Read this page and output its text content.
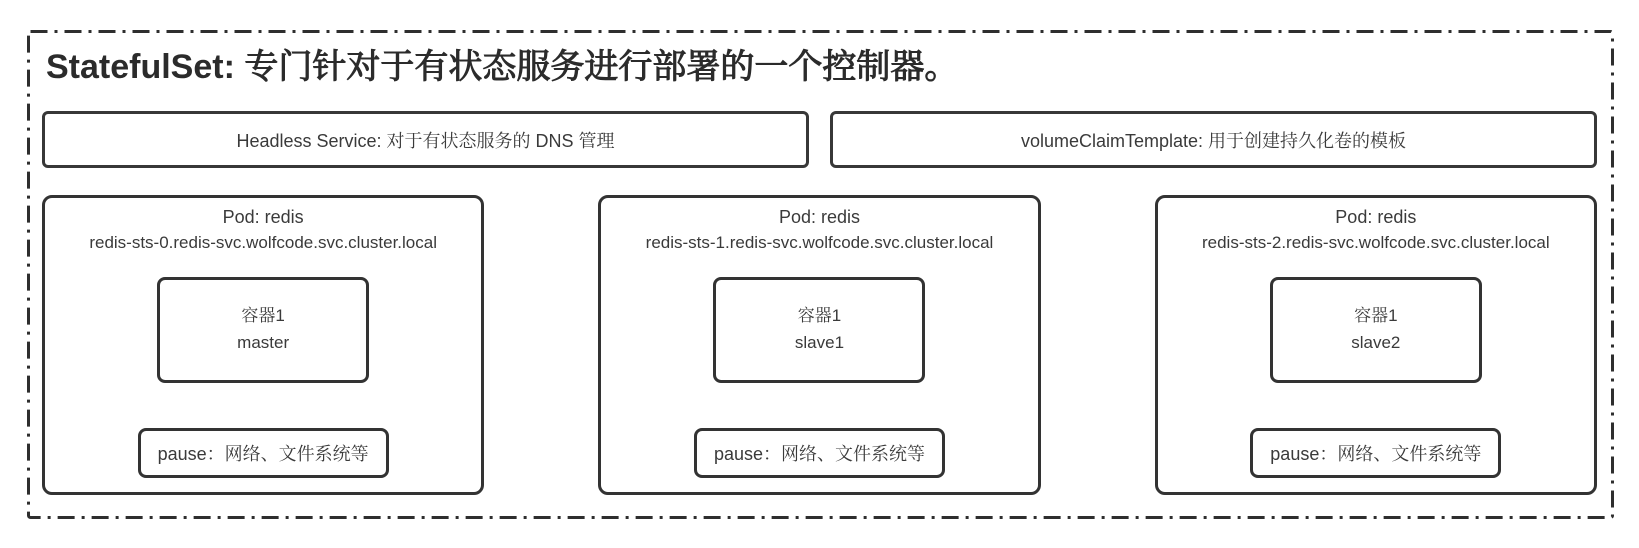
StatefulSet: 专门针对于有状态服务进行部署的一个控制器。
Headless Service: 对于有状态服务的 DNS 管理	volumeClaimTemplate: 用于创建持久化卷的模板
Pod: redis
redis-sts-0.redis-svc.wolfcode.svc.cluster.local
容器1
master
pause：网络、文件系统等
Pod: redis
redis-sts-1.redis-svc.wolfcode.svc.cluster.local
容器1
slave1
pause：网络、文件系统等
Pod: redis
redis-sts-2.redis-svc.wolfcode.svc.cluster.local
容器1
slave2
pause：网络、文件系统等
